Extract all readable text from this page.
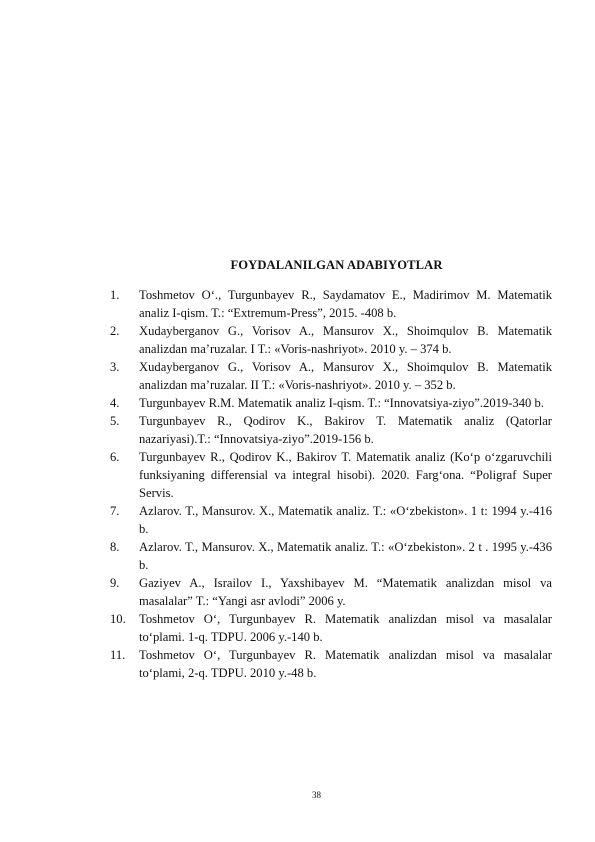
FOYDALANILGAN ADABIYOTLAR
1. Toshmetov O‘., Turgunbayev R., Saydamatov E., Madirimov M. Matematik analiz I-qism. T.: “Extremum-Press”, 2015. -408 b.
2. Xudayberganov G., Vorisov A., Mansurov X., Shoimqulov B. Matematik analizdan ma’ruzalar. I T.: «Voris-nashriyot». 2010 y. – 374 b.
3. Xudayberganov G., Vorisov A., Mansurov X., Shoimqulov B. Matematik analizdan ma’ruzalar. II T.: «Voris-nashriyot». 2010 y. – 352 b.
4. Turgunbayev R.M. Matematik analiz I-qism. T.: “Innovatsiya-ziyo”.2019-340 b.
5. Turgunbayev R., Qodirov K., Bakirov T. Matematik analiz (Qatorlar nazariyasi).T.: “Innovatsiya-ziyo”.2019-156 b.
6. Turgunbayev R., Qodirov K., Bakirov T. Matematik analiz (Ko‘p o‘zgaruvchili funksiyaning differensial va integral hisobi). 2020. Farg‘ona. “Poligraf Super Servis.
7. Azlarov. T., Mansurov. X., Matematik analiz. T.: «O‘zbekiston». 1 t: 1994 y.-416 b.
8. Azlarov. T., Mansurov. X., Matematik analiz. T.: «O‘zbekiston». 2 t . 1995 y.-436 b.
9. Gaziyev A., Israilov I., Yaxshibayev M. “Matematik analizdan misol va masalalar” T.: “Yangi asr avlodi” 2006 y.
10. Toshmetov O‘, Turgunbayev R. Matematik analizdan misol va masalalar to‘plami. 1-q. TDPU. 2006 y.-140 b.
11. Toshmetov O‘, Turgunbayev R. Matematik analizdan misol va masalalar to‘plami, 2-q. TDPU. 2010 y.-48 b.
38
